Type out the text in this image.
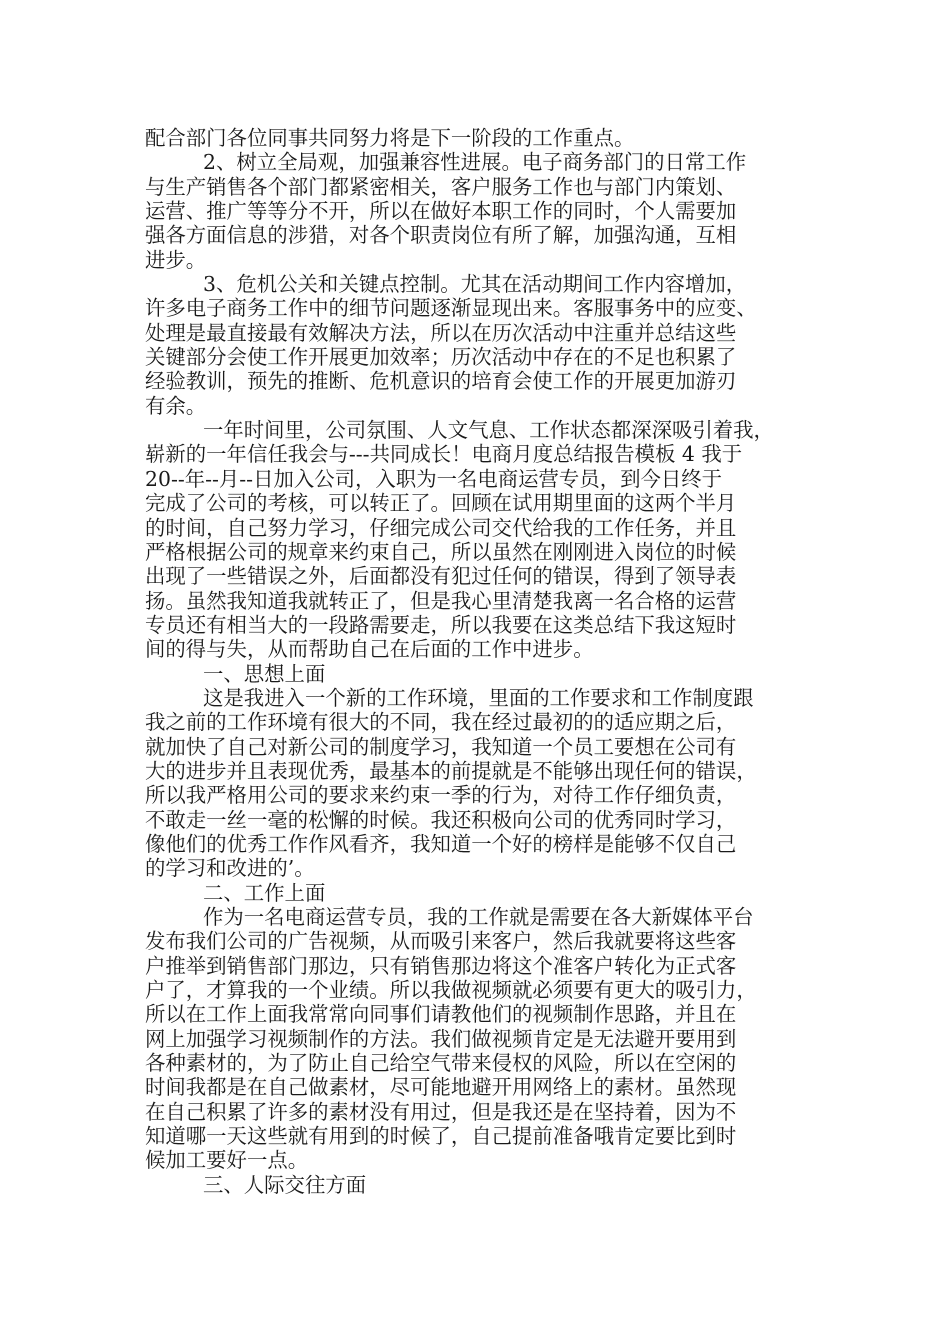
配合部门各位同事共同努力将是下一阶段的工作重点。
2、树立全局观，加强兼容性进展。电子商务部门的日常工作
与生产销售各个部门都紧密相关，客户服务工作也与部门内策划、
运营、推广等等分不开，所以在做好本职工作的同时，个人需要加
强各方面信息的涉猎，对各个职责岗位有所了解，加强沟通，互相
进步。
3、危机公关和关键点控制。尤其在活动期间工作内容增加，
许多电子商务工作中的细节问题逐渐显现出来。客服事务中的应变、
处理是最直接最有效解决方法，所以在历次活动中注重并总结这些
关键部分会使工作开展更加效率；历次活动中存在的不足也积累了
经验教训，预先的推断、危机意识的培育会使工作的开展更加游刃
有余。
一年时间里，公司氛围、人文气息、工作状态都深深吸引着我，
崭新的一年信任我会与---共同成长！电商月度总结报告模板 4 我于
20--年--月--日加入公司，入职为一名电商运营专员，到今日终于
完成了公司的考核，可以转正了。回顾在试用期里面的这两个半月
的时间，自己努力学习，仔细完成公司交代给我的工作任务，并且
严格根据公司的规章来约束自己，所以虽然在刚刚进入岗位的时候
出现了一些错误之外，后面都没有犯过任何的错误，得到了领导表
扬。虽然我知道我就转正了，但是我心里清楚我离一名合格的运营
专员还有相当大的一段路需要走，所以我要在这类总结下我这短时
间的得与失，从而帮助自己在后面的工作中进步。
一、思想上面
这是我进入一个新的工作环境，里面的工作要求和工作制度跟
我之前的工作环境有很大的不同，我在经过最初的的适应期之后，
就加快了自己对新公司的制度学习，我知道一个员工要想在公司有
大的进步并且表现优秀，最基本的前提就是不能够出现任何的错误，
所以我严格用公司的要求来约束一季的行为，对待工作仔细负责，
不敢走一丝一毫的松懈的时候。我还积极向公司的优秀同时学习，
像他们的优秀工作作风看齐，我知道一个好的榜样是能够不仅自己
的学习和改进的’。
二、工作上面
作为一名电商运营专员，我的工作就是需要在各大新媒体平台
发布我们公司的广告视频，从而吸引来客户，然后我就要将这些客
户推举到销售部门那边，只有销售那边将这个准客户转化为正式客
户了，才算我的一个业绩。所以我做视频就必须要有更大的吸引力，
所以在工作上面我常常向同事们请教他们的视频制作思路，并且在
网上加强学习视频制作的方法。我们做视频肯定是无法避开要用到
各种素材的，为了防止自己给空气带来侵权的风险，所以在空闲的
时间我都是在自己做素材，尽可能地避开用网络上的素材。虽然现
在自己积累了许多的素材没有用过，但是我还是在坚持着，因为不
知道哪一天这些就有用到的时候了，自己提前准备哦肯定要比到时
候加工要好一点。
三、人际交往方面
